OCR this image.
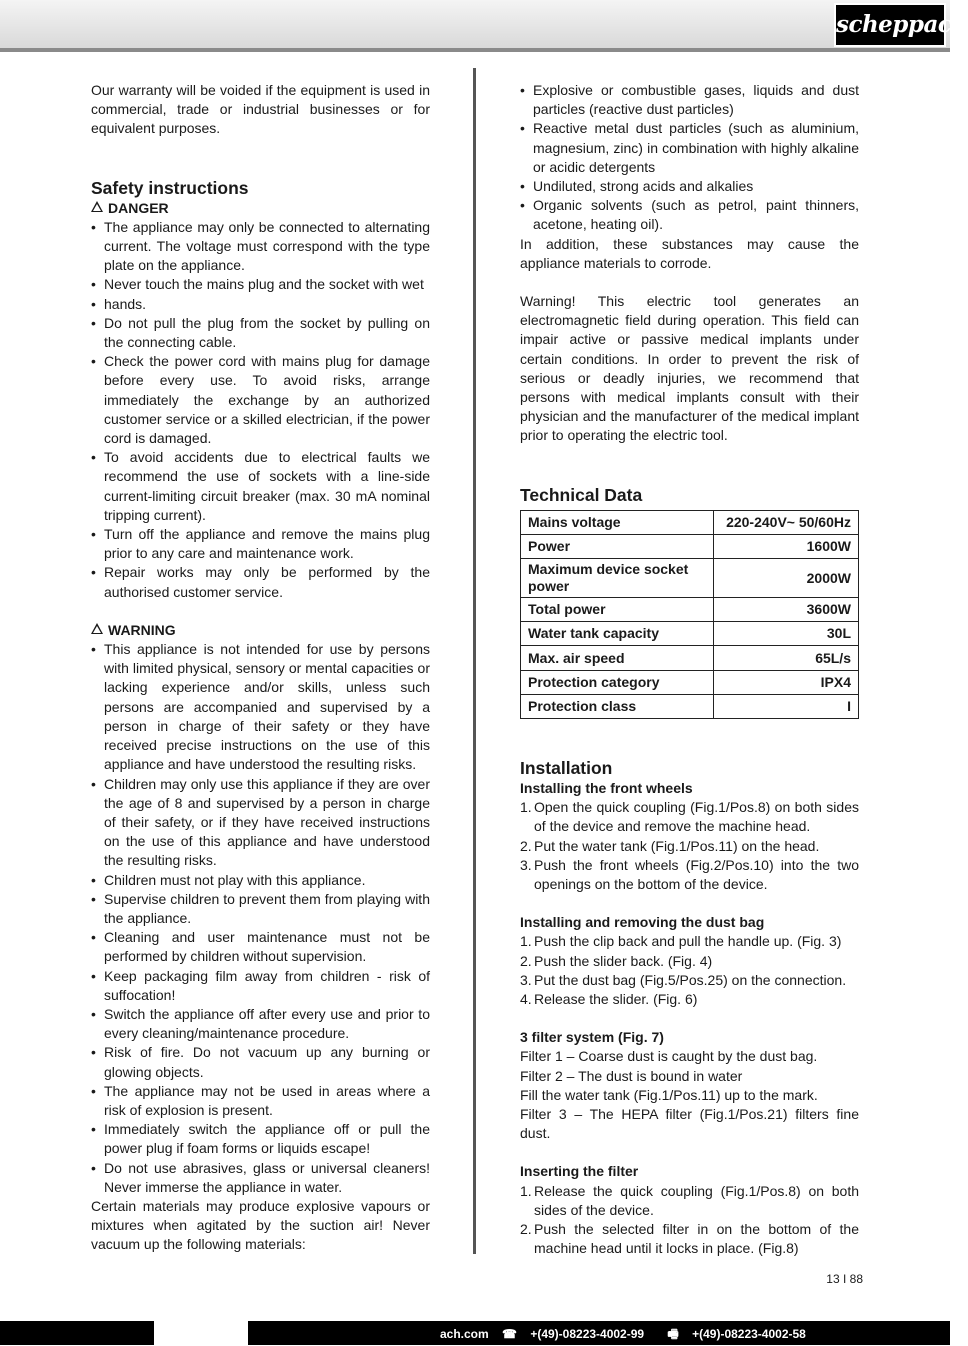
scheppach

Our warranty will be voided if the equipment is used in commercial, trade or industrial businesses or for equivalent purposes.

Safety instructions
DANGER
• The appliance may only be connected to alternating current. The voltage must correspond with the type plate on the appliance.
• Never touch the mains plug and the socket with wet
• hands.
• Do not pull the plug from the socket by pulling on the connecting cable.
• Check the power cord with mains plug for damage before every use. To avoid risks, arrange immediately the exchange by an authorized customer service or a skilled electrician, if the power cord is damaged.
• To avoid accidents due to electrical faults we recommend the use of sockets with a line-side current-limiting circuit breaker (max. 30 mA nominal tripping current).
• Turn off the appliance and remove the mains plug prior to any care and maintenance work.
• Repair works may only be performed by the authorised customer service.
WARNING
• This appliance is not intended for use by persons with limited physical, sensory or mental capacities or lacking experience and/or skills, unless such persons are accompanied and supervised by a person in charge of their safety or they have received precise instructions on the use of this appliance and have understood the resulting risks.
• Children may only use this appliance if they are over the age of 8 and supervised by a person in charge of their safety, or if they have received instructions on the use of this appliance and have understood the resulting risks.
• Children must not play with this appliance.
• Supervise children to prevent them from playing with the appliance.
• Cleaning and user maintenance must not be performed by children without supervision.
• Keep packaging film away from children - risk of suffocation!
• Switch the appliance off after every use and prior to every cleaning/maintenance procedure.
• Risk of fire. Do not vacuum up any burning or glowing objects.
• The appliance may not be used in areas where a risk of explosion is present.
• Immediately switch the appliance off or pull the power plug if foam forms or liquids escape!
• Do not use abrasives, glass or universal cleaners! Never immerse the appliance in water.

Certain materials may produce explosive vapours or mixtures when agitated by the suction air! Never vacuum up the following materials:

• Explosive or combustible gases, liquids and dust particles (reactive dust particles)
• Reactive metal dust particles (such as aluminium, magnesium, zinc) in combination with highly alkaline or acidic detergents
• Undiluted, strong acids and alkalies
• Organic solvents (such as petrol, paint thinners, acetone, heating oil).

In addition, these substances may cause the appliance materials to corrode.

Warning! This electric tool generates an electromagnetic field during operation. This field can impair active or passive medical implants under certain conditions. In order to prevent the risk of serious or deadly injuries, we recommend that persons with medical implants consult with their physician and the manufacturer of the medical implant prior to operating the electric tool.

Technical Data
Mains voltage	220-240V~ 50/60Hz
Power	1600W
Maximum device socket power	2000W
Total power	3600W
Water tank capacity	30L
Max. air speed	65L/s
Protection category	IPX4
Protection class	I
Installation
Installing the front wheels
1. Open the quick coupling (Fig.1/Pos.8) on both sides of the device and remove the machine head.
2. Put the water tank (Fig.1/Pos.11) on the head.
3. Push the front wheels (Fig.2/Pos.10) into the two openings on the bottom of the device.
Installing and removing the dust bag
1. Push the clip back and pull the handle up. (Fig. 3)
2. Push the slider back. (Fig. 4)
3. Put the dust bag (Fig.5/Pos.25) on the connection.
4. Release the slider. (Fig. 6)
3 filter system (Fig. 7)

Filter 1 – Coarse dust is caught by the dust bag.

Filter 2 – The dust is bound in water

Fill the water tank (Fig.1/Pos.11) up to the mark.

Filter 3 – The HEPA filter (Fig.1/Pos.21) filters fine dust.

Inserting the filter
1. Release the quick coupling (Fig.1/Pos.8) on both sides of the device.
2. Push the selected filter in on the bottom of the machine head until it locks in place. (Fig.8)
13 I 88
ach.com ☎ +(49)-08223-4002-99 🖷 +(49)-08223-4002-58
